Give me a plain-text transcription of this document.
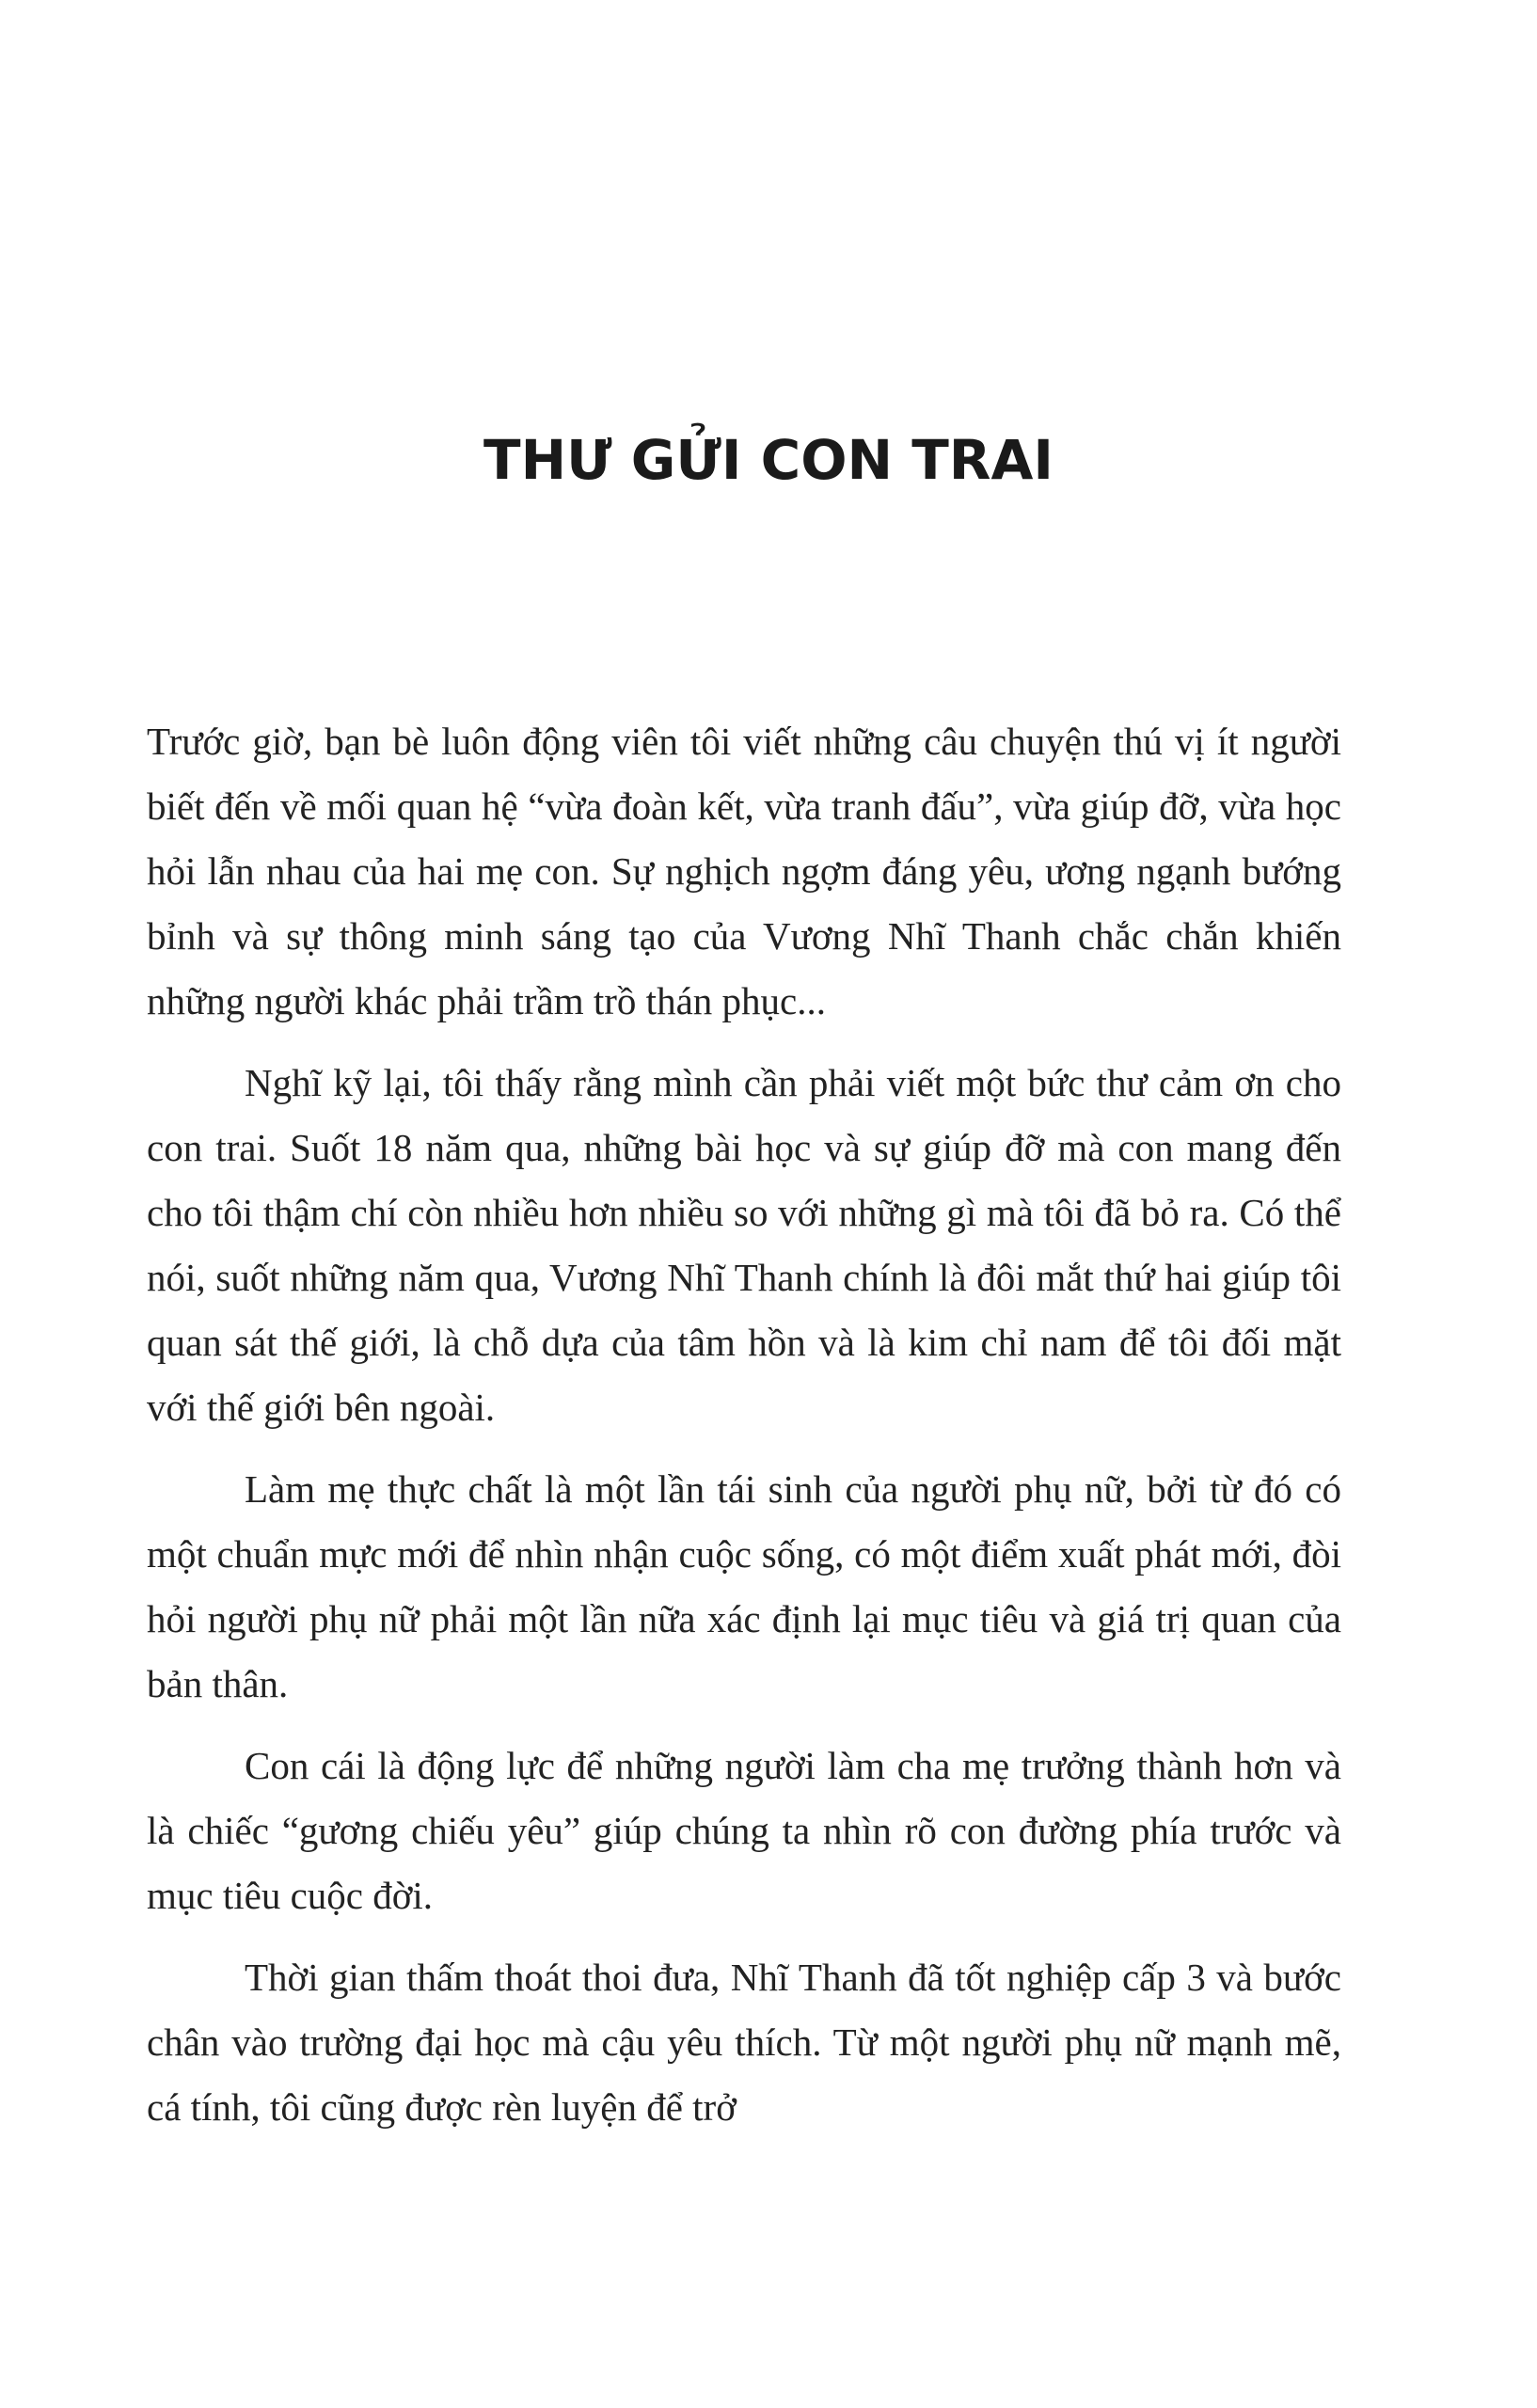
THƯ GỬI CON TRAI

Trước giờ, bạn bè luôn động viên tôi viết những câu chuyện thú vị ít người biết đến về mối quan hệ “vừa đoàn kết, vừa tranh đấu”, vừa giúp đỡ, vừa học hỏi lẫn nhau của hai mẹ con. Sự nghịch ngợm đáng yêu, ương ngạnh bướng bỉnh và sự thông minh sáng tạo của Vương Nhĩ Thanh chắc chắn khiến những người khác phải trầm trồ thán phục...

Nghĩ kỹ lại, tôi thấy rằng mình cần phải viết một bức thư cảm ơn cho con trai. Suốt 18 năm qua, những bài học và sự giúp đỡ mà con mang đến cho tôi thậm chí còn nhiều hơn nhiều so với những gì mà tôi đã bỏ ra. Có thể nói, suốt những năm qua, Vương Nhĩ Thanh chính là đôi mắt thứ hai giúp tôi quan sát thế giới, là chỗ dựa của tâm hồn và là kim chỉ nam để tôi đối mặt với thế giới bên ngoài.

Làm mẹ thực chất là một lần tái sinh của người phụ nữ, bởi từ đó có một chuẩn mực mới để nhìn nhận cuộc sống, có một điểm xuất phát mới, đòi hỏi người phụ nữ phải một lần nữa xác định lại mục tiêu và giá trị quan của bản thân.

Con cái là động lực để những người làm cha mẹ trưởng thành hơn và là chiếc “gương chiếu yêu” giúp chúng ta nhìn rõ con đường phía trước và mục tiêu cuộc đời.

Thời gian thấm thoát thoi đưa, Nhĩ Thanh đã tốt nghiệp cấp 3 và bước chân vào trường đại học mà cậu yêu thích. Từ một người phụ nữ mạnh mẽ, cá tính, tôi cũng được rèn luyện để trở
